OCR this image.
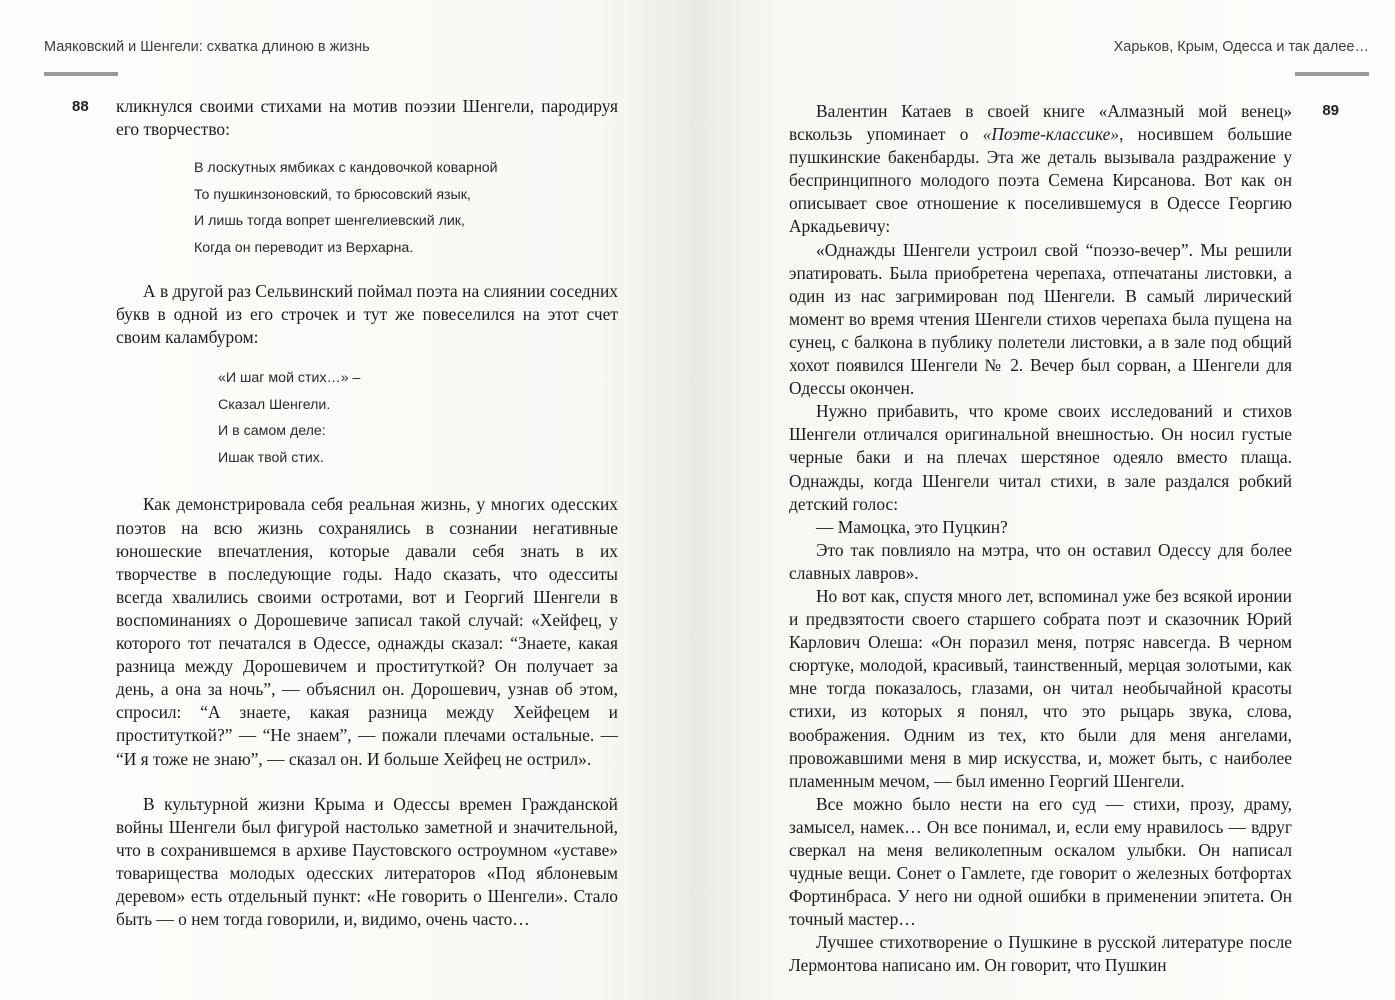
Маяковский и Шенгели: схватка длиною в жизнь
88 кликнулся своими стихами на мотив поэзии Шенгели, пародируя его творчество:

В лоскутных ямбиках с кандовочкой коварной
То пушкинзоновский, то брюсовский язык,
И лишь тогда вопрет шенгелиевский лик,
Когда он переводит из Верхарна.

А в другой раз Сельвинский поймал поэта на слиянии соседних букв в одной из его строчек и тут же повеселился на этот счет своим каламбуром:

«И шаг мой стих…» –
Сказал Шенгели.
И в самом деле:
Ишак твой стих.

Как демонстрировала себя реальная жизнь, у многих одесских поэтов на всю жизнь сохранялись в сознании негативные юношеские впечатления, которые давали себя знать в их творчестве в последующие годы. Надо сказать, что одесситы всегда хвалились своими остротами, вот и Георгий Шенгели в воспоминаниях о Дорошевиче записал такой случай: «Хейфец, у которого тот печатался в Одессе, однажды сказал: “Знаете, какая разница между Дорошевичем и проституткой? Он получает за день, а она за ночь”, — объяснил он. Дорошевич, узнав об этом, спросил: “А знаете, какая разница между Хейфецем и проституткой?” — “Не знаем”, — пожали плечами остальные. — “И я тоже не знаю”, — сказал он. И больше Хейфец не острил».

В культурной жизни Крыма и Одессы времен Гражданской войны Шенгели был фигурой настолько заметной и значительной, что в сохранившемся в архиве Паустовского остроумном «уставе» товарищества молодых одесских литераторов «Под яблоневым деревом» есть отдельный пункт: «Не говорить о Шенгели». Стало быть — о нем тогда говорили, и, видимо, очень часто…

Харьков, Крым, Одесса и так далее…
89

Валентин Катаев в своей книге «Алмазный мой венец» вскользь упоминает о «Поэте-классике», носившем большие пушкинские бакенбарды. Эта же деталь вызывала раздражение у беспринципного молодого поэта Семена Кирсанова. Вот как он описывает свое отношение к поселившемуся в Одессе Георгию Аркадьевичу:

«Однажды Шенгели устроил свой “поэзо-вечер”. Мы решили эпатировать. Была приобретена черепаха, отпечатаны листовки, а один из нас загримирован под Шенгели. В самый лирический момент во время чтения Шенгели стихов черепаха была пущена на сунец, с балкона в публику полетели листовки, а в зале под общий хохот появился Шенгели № 2. Вечер был сорван, а Шенгели для Одессы окончен.

Нужно прибавить, что кроме своих исследований и стихов Шенгели отличался оригинальной внешностью. Он носил густые черные баки и на плечах шерстяное одеяло вместо плаща. Однажды, когда Шенгели читал стихи, в зале раздался робкий детский голос:

— Мамоцка, это Пуцкин?

Это так повлияло на мэтра, что он оставил Одессу для более славных лавров».

Но вот как, спустя много лет, вспоминал уже без всякой иронии и предвзятости своего старшего собрата поэт и сказочник Юрий Карлович Олеша: «Он поразил меня, потряс навсегда. В черном сюртуке, молодой, красивый, таинственный, мерцая золотыми, как мне тогда показалось, глазами, он читал необычайной красоты стихи, из которых я понял, что это рыцарь звука, слова, воображения. Одним из тех, кто были для меня ангелами, провожавшими меня в мир искусства, и, может быть, с наиболее пламенным мечом, — был именно Георгий Шенгели.

Все можно было нести на его суд — стихи, прозу, драму, замысел, намек… Он все понимал, и, если ему нравилось — вдруг сверкал на меня великолепным оскалом улыбки. Он написал чудные вещи. Сонет о Гамлете, где говорит о железных ботфортах Фортинбраса. У него ни одной ошибки в применении эпитета. Он точный мастер…

Лучшее стихотворение о Пушкине в русской литературе после Лермонтова написано им. Он говорит, что Пушкин
